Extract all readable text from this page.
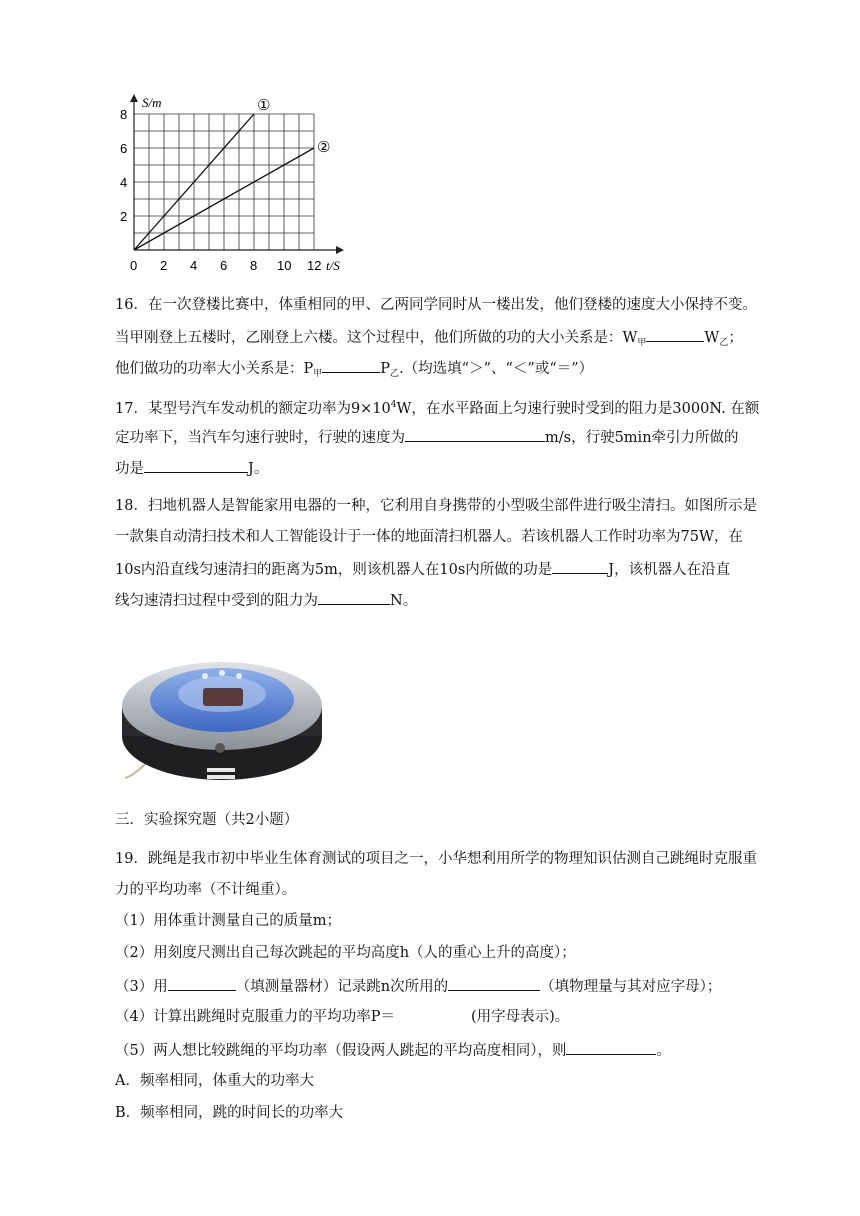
0 2 4 6 8 10 12
2
4
6
8
①
②
S/m
t/S
16．在一次登楼比赛中，体重相同的甲、乙两同学同时从一楼出发，他们登楼的速度大小保持不变。
当甲刚登上五楼时，乙刚登上六楼。这个过程中，他们所做的功的大小关系是：$W_甲$	$W_乙$；
他们做功的功率大小关系是：$P_甲$	$P_乙$.（均选填“＞”、“＜”或“＝”）
17．某型号汽车发动机的额定功率为$9\times 10^4W$，在水平路面上匀速行驶时受到的阻力是3000N. 在额
定功率下，当汽车匀速行驶时，行驶的速度为	m/s，行驶5min牵引力所做的
功是	J。
18．扫地机器人是智能家用电器的一种，它利用自身携带的小型吸尘部件进行吸尘清扫。如图所示是
一款集自动清扫技术和人工智能设计于一体的地面清扫机器人。若该机器人工作时功率为75W，在
10s内沿直线匀速清扫的距离为5m，则该机器人在10s内所做的功是	J，该机器人在沿直
线匀速清扫过程中受到的阻力为	N。
三．实验探究题（共2小题）
19．跳绳是我市初中毕业生体育测试的项目之一，小华想利用所学的物理知识估测自己跳绳时克服重
力的平均功率（不计绳重）。
（1）用体重计测量自己的质量m；
（2）用刻度尺测出自己每次跳起的平均高度h（人的重心上升的高度）；
（3）用	（填测量器材）记录跳n次所用的	（填物理量与其对应字母）；
（4）计算出跳绳时克服重力的平均功率P＝	(用字母表示)。
（5）两人想比较跳绳的平均功率（假设两人跳起的平均高度相同），则	。
A．频率相同，体重大的功率大
B．频率相同，跳的时间长的功率大
